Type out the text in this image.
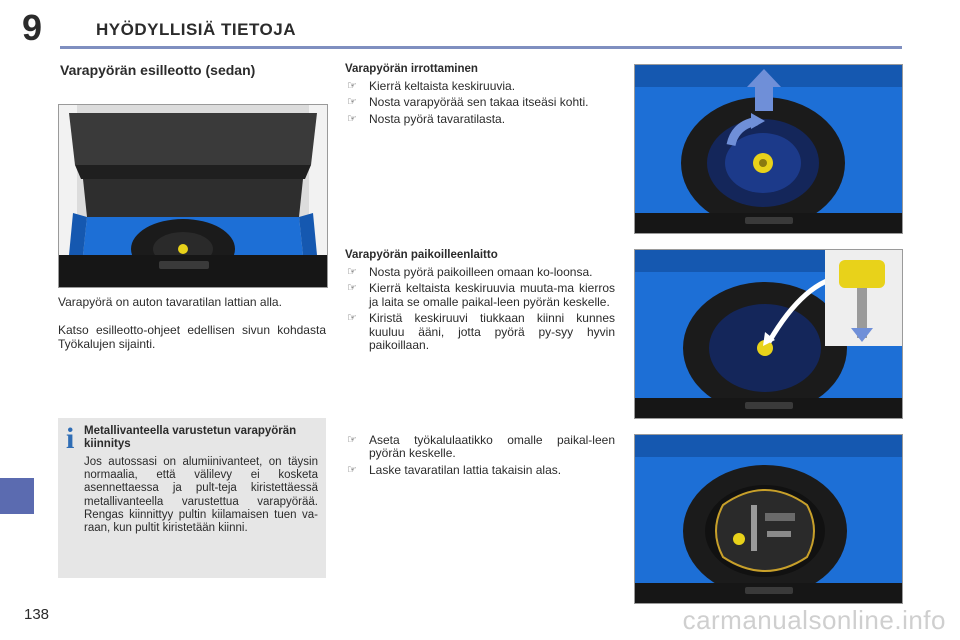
9	HYÖDYLLISIÄ TIETOJA
138
Varapyörän esilleotto (sedan)
Varapyörä on auton tavaratilan lattian alla.
Katso esilleotto-ohjeet edellisen sivun kohdasta Työkalujen sijainti.
i Metallivanteella varustetun varapyörän kiinnitys
Jos autossasi on alumiinivanteet, on täysin normaalia, että välilevy ei kosketa asennettaessa ja pult-teja kiristettäessä metallivanteella varustettua varapyörää. Rengas kiinnittyy pultin kiilamaisen tuen va-raan, kun pultit kiristetään kiinni.
Varapyörän irrottaminen
☞ Kierrä keltaista keskiruuvia.
☞ Nosta varapyörää sen takaa itseäsi kohti.
☞ Nosta pyörä tavaratilasta.
Varapyörän paikoilleenlaitto
☞ Nosta pyörä paikoilleen omaan ko-loonsa.
☞ Kierrä keltaista keskiruuvia muuta-ma kierros ja laita se omalle paikal-leen pyörän keskelle.
☞ Kiristä keskiruuvi tiukkaan kiinni kunnes kuuluu ääni, jotta pyörä py-syy hyvin paikoillaan.
☞ Aseta työkalulaatikko omalle paikal-leen pyörän keskelle.
☞ Laske tavaratilan lattia takaisin alas.
carmanualsonline.info
